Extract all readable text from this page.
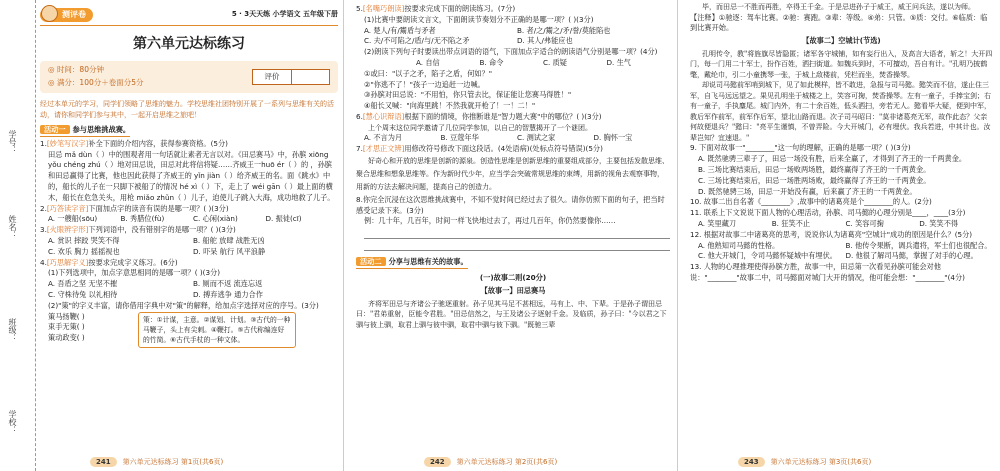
学号：
姓名：
班级：
学校：
测评卷	5 · 3天天练 小学语文 五年级下册
第六单元达标练习
◎ 时间：80分钟
◎ 满分：100分＋卷面分5分
评价

经过本单元的学习，同学们领略了思维的魅力。学校思维社团特别开展了一系列与思维有关的活动，请你和同学们参与其中，一起开启思维之旅吧！

活动一 参与思维挑战赛。

1.[妙笔写汉字]补全下面的介绍内容，获得参赛资格。(5分)

田忌 mǎ dùn（ ）中的围观者用一句话就让素者无言以对。《田忌赛马》中，孙膑 xiōng yǒu chéng zhú（ ）地对田忌说，田忌对此将信将疑……齐威王一huō ér（ ）的 ，孙膑和田忌赢得了比赛，他也因此获得了齐威王的 yǐn jiàn（ ）给齐威王的名。面《跳水》中的，船长的儿子在一只脚下被船了的情况 hé xì（ ）下，走上了 wéi gān（ ）最上面的横木，船长在危急关头，用枪 miǎo zhǔn（ ）儿子，迫使儿子跳入大海，成功地救了儿子。

2.[巧答读字音]下面加点字的读音有误的是哪一项？( )(3分)

A. 一艘船(sōu)	B. 秀腊位(fù)	C. 心闲(xiàn)	D. 振徒(cī)

3.[火眼辨字形]下列词语中，没有错别字的是哪一项？( )(3分)

A. 赏识 摔跤 哭笑不得	B. 船舵 放肆 战胜无凶
C. 欢乐 胸力 摇摇视也	D. 吓呆 航行 风平浪静

4.[巧思解字义]按要求完成字义练习。(6分)

(1)下列选项中，加点字意思相同的是哪一项？( )(3分)

A. 吾盾之坚 无坚不摧	B. 厕而不返 流连忘返
C. 守株待兔 以礼相待	D. 搏弃逃争 通力合作

(2)"策"的字义丰富，请你借用字典中对"策"的解释，给加点字选择对应的序号。(3分)

策马扬鞭( )
束手无策( )
策动政变( )
策：①计谋，主意。②谋划、计划。③古代的一种马鞭子，头上有尖刺。④鞭打。⑤古代称编连好的竹简。⑥古代手杖的一种文体。
241 第六单元达标练习 第1页(共6页)

5.[名嘴巧朗读]按要求完成下面的朗读练习。(7分)

(1)比赛中要朗读文言文，下面朗读节奏划分不正确的是哪一项？( )(3分)

A. 楚人/有/鬻盾与矛者	B. 者/之/鬻之/矛/誉/莫能陷也
C. 夫/不可陷之/盾/与/无不陷之矛	D. 其人/弗能应也

(2)朗读下列句子时要读出带点词语的语气，下面加点字适合的朗读语气分别是哪一项？(4分)

A. 自信	B. 命令	C. 质疑	D. 生气
①或曰："以子之矛，陷子之盾，何如？"
②"你逃不了！"孩子一边追赶一边喊。
③孙膑对田忌说："不用怕，你只管去比，保证能让您赛马得胜！"
④船长又喊："向海里跳！不然我就开枪了！一！二！"

6.[慧心识辩语]根据下面的情境，你推断谁是"智力题大赛"中的哪位？( )(3分)

上个周末这位同学邀请了几位同学参加，以自己的智慧揭开了一个谜团。

A. 不言为月	B. 豆蔻年华	C. 测试之家	D. 胸怀一宝

7.[才思正文辨]用修改符号修改下面这段话。(4处语病)(处标点符号错误)(5分)

好奇心和开放的思维是创新的源泉。创造性思维是创新思维的重要组成部分，主要包括发散思维、聚合思维和想象思维等。作为新时代少年，应当学会突破常规思维的束缚，用新的视角去观察事物，用新的方法去解决问题，提高自己的创造力。

8.你完全沉浸在这次思维挑战赛中，不知不觉时间已经过去了很久。请你仿照下面的句子，把当时感受记录下来。(3分)

例：几十年，几百年，时间一样飞快地过去了，再过几百年，你仍然要像你……

活动二 分享与思维有关的故事。

(一)故事二则(20分)

【故事一】田忌赛马

齐将军田忌与齐诸公子驰逐重射。孙子见其马足不甚相远，马有上、中、下辈。于是孙子谓田忌曰："君弟重射，臣能令君胜。"田忌信然之，与王及诸公子逐射千金。及临质，孙子曰："今以君之下驷与彼上驷，取君上驷与彼中驷，取君中驷与彼下驷。"既驰三辈

242 第六单元达标练习 第2页(共6页)

毕，而田忌一不胜而再胜，卒得王千金。于是忌进孙子于威王，威王问兵法，遂以为师。

【注释】①驰逐：驾车比赛。②驰：赛跑。③辈：等级。④弟：只管。⑤质：交付。⑥临质：临到比赛开始。

【故事二】空城计(节选)

孔明传令，教"将旌旗尽皆隐匿；诸军各守城铺，如有妄行出入，及高言大语者，斩之！大开四门，每一门用二十军士，扮作百姓，洒扫街道。如魏兵到时，不可擅动，吾自有计。"孔明乃披鹤氅，戴纶巾，引二小童携琴一张，于城上敌楼前，凭栏而坐，焚香操琴。

却说司马懿前军哨到城下，见了如此模样，皆不敢进，急报与司马懿。懿笑而不信，遂止住三军，自飞马远远望之。果见孔明坐于城楼之上，笑容可掬，焚香操琴。左有一童子，手捧宝剑；右有一童子，手执麈尾。城门内外，有二十余百姓，低头洒扫，旁若无人。懿看毕大疑，便到中军，教后军作前军，前军作后军，望北山路而退。次子司马昭曰："莫非诸葛亮无军，故作此态？父亲何故便退兵？"懿曰："亮平生谨慎，不曾弄险。今大开城门，必有埋伏。我兵若进，中其计也。汝辈岂知？宜速退。"

9. 下面对故事一"________"这一句的理解，正确的是哪一项？( )(3分)

A. 既然驰骋三辈子了，田忌一场没有胜，后来全赢了，才得到了齐王的一千两黄金。
B. 三场比赛结束后，田忌一场败两场胜，最终赢得了齐王的一千两黄金。
C. 三场比赛结束后，田忌一场胜两场败，最终赢得了齐王的一千两黄金。
D. 既然驰骋三场，田忌一开始没有赢，后来赢了齐王的一千两黄金。

10. 故事二出自名著《________》,故事中的诸葛亮是个________的人。(2分)

11. 联系上下文说说下面人物的心理活动，孙膑、司马懿的心理分别是____，____(3分)

A. 笑里藏刀	B. 狂笑不止	C. 笑容可掬	D. 笑笑不得

12. 根据对故事二中诸葛亮的思考，说说你认为诸葛亮"空城计"成功的原因是什么？(5分)

A. 他熟知司马懿的性格。	B. 他传令果断，调兵遣将，军士们也很配合。
C. 他大开城门，令司马懿怀疑城中有埋伏。	D. 他很了解司马懿，掌握了对手的心理。

13. 人物的心理推理使得孙膑方胜，故事一中，田忌第一次看见孙膑可能会对他说："________"故事二中，司马懿面对城门大开的情况，他可能会想："________"(4分)

243 第六单元达标练习 第3页(共6页)
